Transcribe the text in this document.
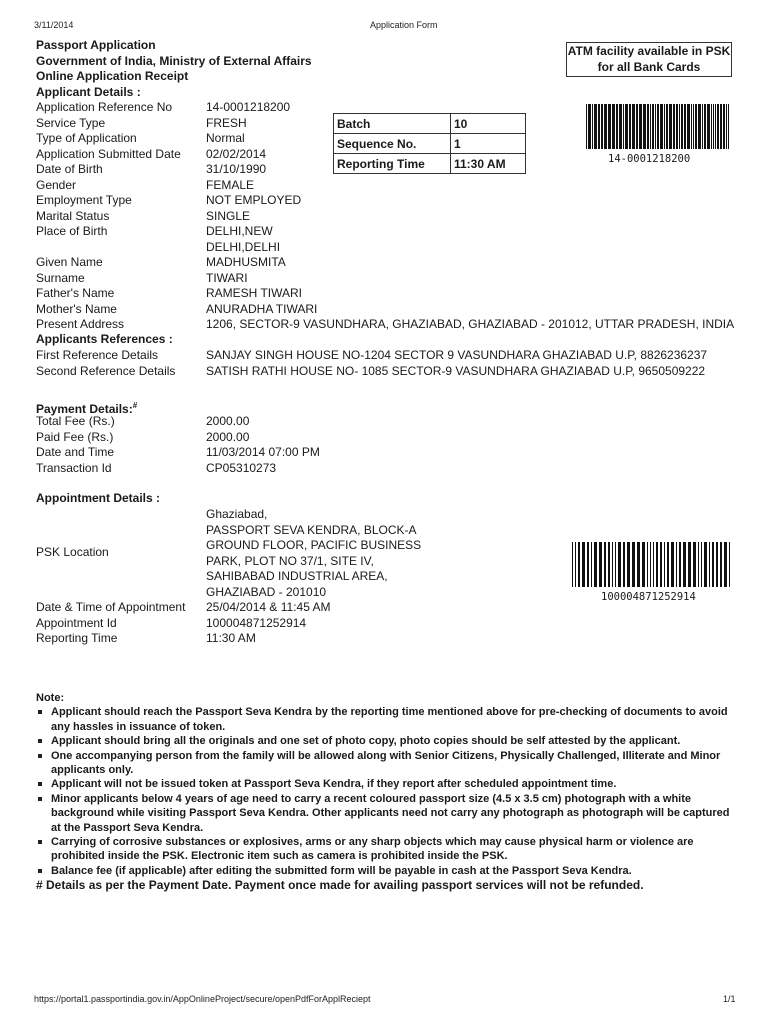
3/11/2014	Application Form
Passport Application
Government of India, Ministry of External Affairs
Online Application Receipt
Applicant Details :
ATM facility available in PSK for all Bank Cards
Application Reference No	14-0001218200
Service Type	FRESH
Type of Application	Normal
Application Submitted Date 02/02/2014
Date of Birth	31/10/1990
Gender	FEMALE
Employment Type	NOT EMPLOYED
Marital Status	SINGLE
Place of Birth	DELHI,NEW
DELHI,DELHI
Given Name	MADHUSMITA
Surname	TIWARI
Father's Name	RAMESH TIWARI
Mother's Name	ANURADHA TIWARI
Present Address	1206, SECTOR-9 VASUNDHARA, GHAZIABAD, GHAZIABAD - 201012, UTTAR PRADESH, INDIA
Batch	10
Sequence No.	1
Reporting Time	11:30 AM	14-0001218200
Applicants References :
First Reference Details	SANJAY SINGH HOUSE NO-1204 SECTOR 9 VASUNDHARA GHAZIABAD U.P, 8826236237
Second Reference Details	SATISH RATHI HOUSE NO- 1085 SECTOR-9 VASUNDHARA GHAZIABAD U.P, 9650509222
Payment Details:#
Total Fee (Rs.)	2000.00
Paid Fee (Rs.)	2000.00
Date and Time	11/03/2014 07:00 PM
Transaction Id	CP05310273
Appointment Details :
PSK Location
Ghaziabad,
PASSPORT SEVA KENDRA, BLOCK-A
GROUND FLOOR, PACIFIC BUSINESS
PARK, PLOT NO 37/1, SITE IV,
SAHIBABAD INDUSTRIAL AREA,
GHAZIABAD - 201010
Date & Time of Appointment 25/04/2014 & 11:45 AM
Appointment Id	100004871252914
Reporting Time	11:30 AM
100004871252914
Note:
Applicant should reach the Passport Seva Kendra by the reporting time mentioned above for pre-checking of documents to avoid any hassles in issuance of token.
Applicant should bring all the originals and one set of photo copy, photo copies should be self attested by the applicant.
One accompanying person from the family will be allowed along with Senior Citizens, Physically Challenged, Illiterate and Minor applicants only.
Applicant will not be issued token at Passport Seva Kendra, if they report after scheduled appointment time.
Minor applicants below 4 years of age need to carry a recent coloured passport size (4.5 x 3.5 cm) photograph with a white background while visiting Passport Seva Kendra. Other applicants need not carry any photograph as photograph will be captured at the Passport Seva Kendra.
Carrying of corrosive substances or explosives, arms or any sharp objects which may cause physical harm or violence are prohibited inside the PSK. Electronic item such as camera is prohibited inside the PSK.
Balance fee (if applicable) after editing the submitted form will be payable in cash at the Passport Seva Kendra.
# Details as per the Payment Date. Payment once made for availing passport services will not be refunded.
https://portal1.passportindia.gov.in/AppOnlineProject/secure/openPdfForApplReciept	1/1
